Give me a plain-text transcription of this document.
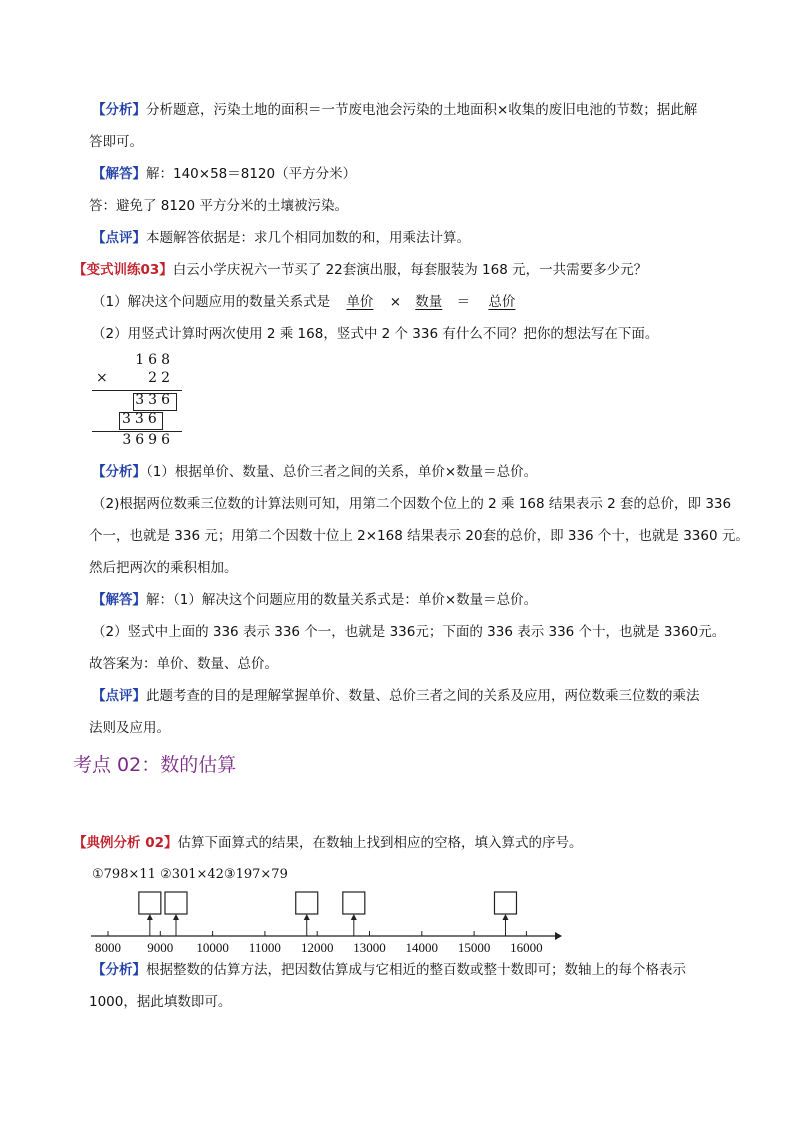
【分析】分析题意，污染土地的面积＝一节废电池会污染的土地面积×收集的废旧电池的节数；据此解
答即可。
【解答】解：140×58＝8120（平方分米）
答：避免了 8120 平方分米的土壤被污染。
【点评】本题解答依据是：求几个相同加数的和，用乘法计算。
【变式训练03】白云小学庆祝六一节买了 22套演出服，每套服装为 168 元，一共需要多少元？
（1）解决这个问题应用的数量关系式是 单价 × 数量 ＝ 总价
（2）用竖式计算时两次使用 2 乘 168，竖式中 2 个 336 有什么不同？把你的想法写在下面。
168
×	22
336
336
3696
【分析】（1）根据单价、数量、总价三者之间的关系，单价×数量＝总价。
（2)根据两位数乘三位数的计算法则可知，用第二个因数个位上的 2 乘 168 结果表示 2 套的总价，即 336
个一，也就是 336 元；用第二个因数十位上 2×168 结果表示 20套的总价，即 336 个十，也就是 3360 元。
然后把两次的乘积相加。
【解答】解：（1）解决这个问题应用的数量关系式是：单价×数量＝总价。
（2）竖式中上面的 336 表示 336 个一，也就是 336元；下面的 336 表示 336 个十，也就是 3360元。
故答案为：单价、数量、总价。
【点评】此题考查的目的是理解掌握单价、数量、总价三者之间的关系及应用，两位数乘三位数的乘法
法则及应用。
考点 02：数的估算
【典例分析 02】估算下面算式的结果，在数轴上找到相应的空格，填入算式的序号。
①798×11 ②301×42③197×79
8000 9000 10000 11000 12000 13000 14000 15000 16000
【分析】根据整数的估算方法，把因数估算成与它相近的整百数或整十数即可；数轴上的每个格表示
1000，据此填数即可。
